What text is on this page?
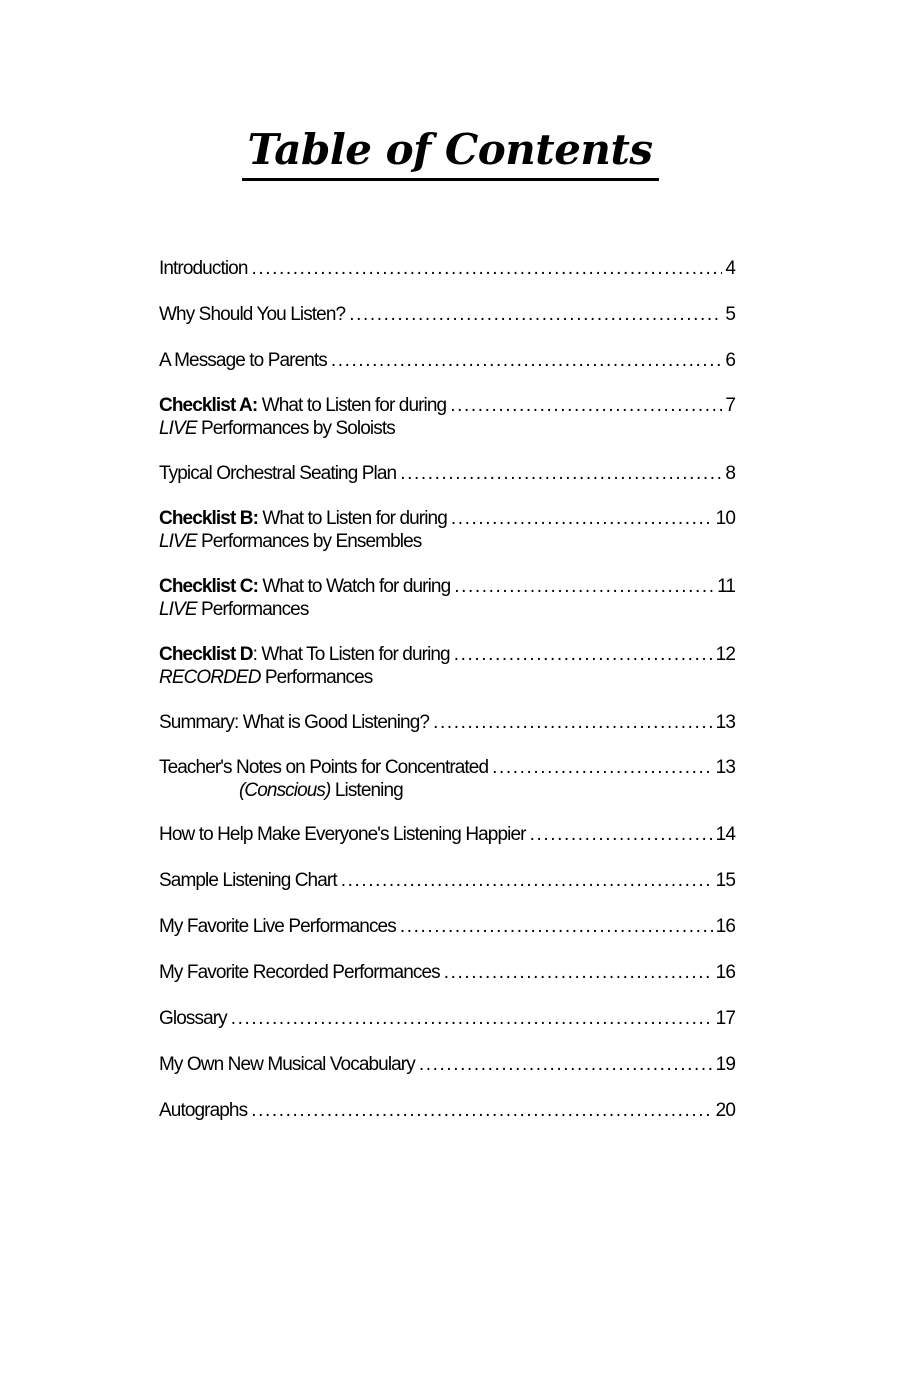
Table of Contents
Introduction .....	4
Why Should You Listen? .....	5
A Message to Parents .....	6
Checklist A: What to Listen for during .....	7
LIVE Performances by Soloists
Typical Orchestral Seating Plan .....	8
Checklist B: What to Listen for during .....	10
LIVE Performances by Ensembles
Checklist C: What to Watch for during .....	11
LIVE Performances
Checklist D: What To Listen for during .....	12
RECORDED Performances
Summary: What is Good Listening? .....	13
Teacher's Notes on Points for Concentrated .....	13
(Conscious) Listening
How to Help Make Everyone's Listening Happier .....	14
Sample Listening Chart .....	15
My Favorite Live Performances .....	16
My Favorite Recorded Performances .....	16
Glossary .....	17
My Own New Musical Vocabulary .....	19
Autographs .....	20
